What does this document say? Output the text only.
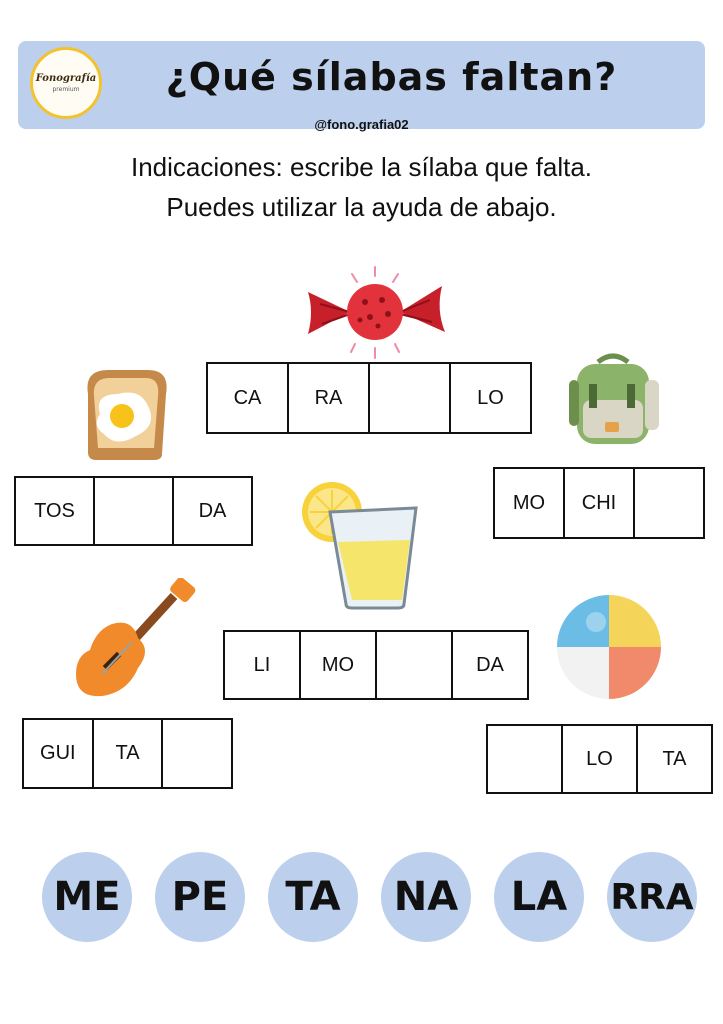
Fonografía
premium	¿Qué sílabas faltan?
@fono.grafia02
Indicaciones: escribe la sílaba que falta.
Puedes utilizar la ayuda de abajo.
CA	RA	LO
TOS	DA	MO	CHI
LI	MO	DA
GUI	TA	LO	TA
ME	PE	TA	NA	LA	RRA
